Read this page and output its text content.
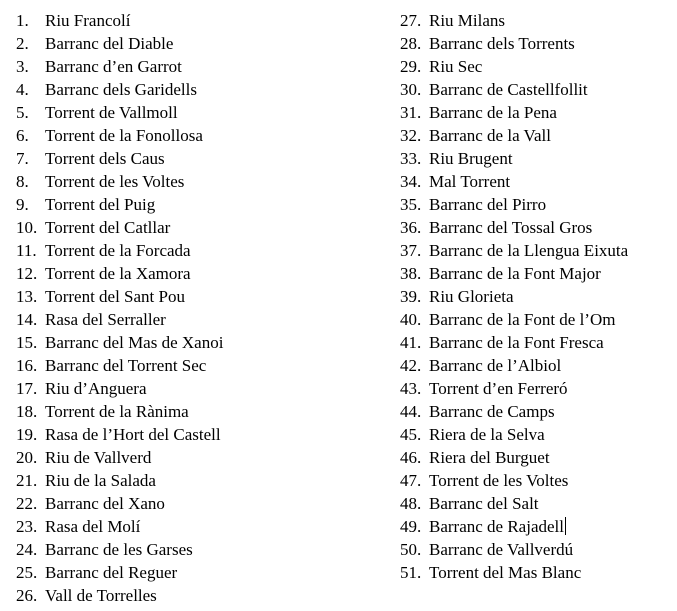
1. Riu Francolí
2. Barranc del Diable
3. Barranc d’en Garrot
4. Barranc dels Garidells
5. Torrent de Vallmoll
6. Torrent de la Fonollosa
7. Torrent dels Caus
8. Torrent de les Voltes
9. Torrent del Puig
10. Torrent del Catllar
11. Torrent de la Forcada
12. Torrent de la Xamora
13. Torrent del Sant Pou
14. Rasa del Serraller
15. Barranc del Mas de Xanoi
16. Barranc del Torrent Sec
17. Riu d’Anguera
18. Torrent de la Rànima
19. Rasa de l’Hort del Castell
20. Riu de Vallverd
21. Riu de la Salada
22. Barranc del Xano
23. Rasa del Molí
24. Barranc de les Garses
25. Barranc del Reguer
26. Vall de Torrelles
27. Riu Milans
28. Barranc dels Torrents
29. Riu Sec
30. Barranc de Castellfollit
31. Barranc de la Pena
32. Barranc de la Vall
33. Riu Brugent
34. Mal Torrent
35. Barranc del Pirro
36. Barranc del Tossal Gros
37. Barranc de la Llengua Eixuta
38. Barranc de la Font Major
39. Riu Glorieta
40. Barranc de la Font de l’Om
41. Barranc de la Font Fresca
42. Barranc de l’Albiol
43. Torrent d’en Ferreró
44. Barranc de Camps
45. Riera de la Selva
46. Riera del Burguet
47. Torrent de les Voltes
48. Barranc del Salt
49. Barranc de Rajadell
50. Barranc de Vallverdú
51. Torrent del Mas Blanc
